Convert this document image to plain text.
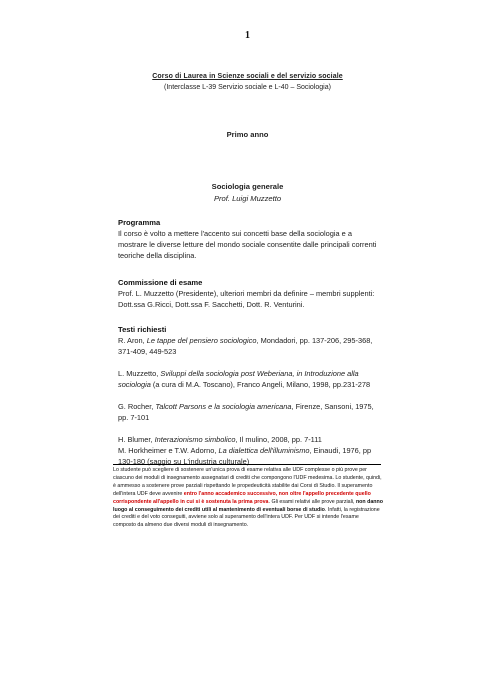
1
Corso di Laurea in Scienze sociali e del servizio sociale
(Interclasse L-39 Servizio sociale e L-40 – Sociologia)
Primo anno
Sociologia generale
Prof. Luigi Muzzetto
Programma

Il corso è volto a mettere l'accento sui concetti base della sociologia e a mostrare le diverse letture del mondo sociale consentite dalle principali correnti teoriche della disciplina.

Commissione di esame

Prof. L. Muzzetto (Presidente), ulteriori membri da definire – membri supplenti: Dott.ssa G.Ricci, Dott.ssa F. Sacchetti, Dott. R. Venturini.

Testi richiesti

R. Aron, Le tappe del pensiero sociologico, Mondadori, pp. 137-206, 295-368, 371-409, 449-523

L. Muzzetto, Sviluppi della sociologia post Weberiana, in Introduzione alla sociologia (a cura di M.A. Toscano), Franco Angeli, Milano, 1998, pp.231-278

G. Rocher, Talcott Parsons e la sociologia americana, Firenze, Sansoni, 1975, pp. 7-101

H. Blumer, Interazionismo simbolico, Il mulino, 2008, pp. 7-111

M. Horkheimer e T.W. Adorno, La dialettica dell'illuminismo, Einaudi, 1976, pp 130-180 (saggio su L'industria culturale)

Lo studente può scegliere di sostenere un'unica prova di esame relativa alle UDF complesse o più prove per ciascuno dei moduli di insegnamento assegnatari di crediti che compongono l'UDF medesima. Lo studente, quindi, è ammesso a sostenere prove parziali rispettando le propedeuticità stabilite dai Corsi di Studio. Il superamento dell'intera UDF deve avvenire entro l'anno accademico successivo, non oltre l'appello precedente quello corrispondente all'appello in cui si è sostenuta la prima prova. Gli esami relativi alle prove parziali, non danno luogo al conseguimento dei crediti utili al mantenimento di eventuali borse di studio. Infatti, la registrazione dei crediti e del voto conseguiti, avviene solo al superamento dell'intera UDF. Per UDF si intende l'esame composto da almeno due diversi moduli di insegnamento.
